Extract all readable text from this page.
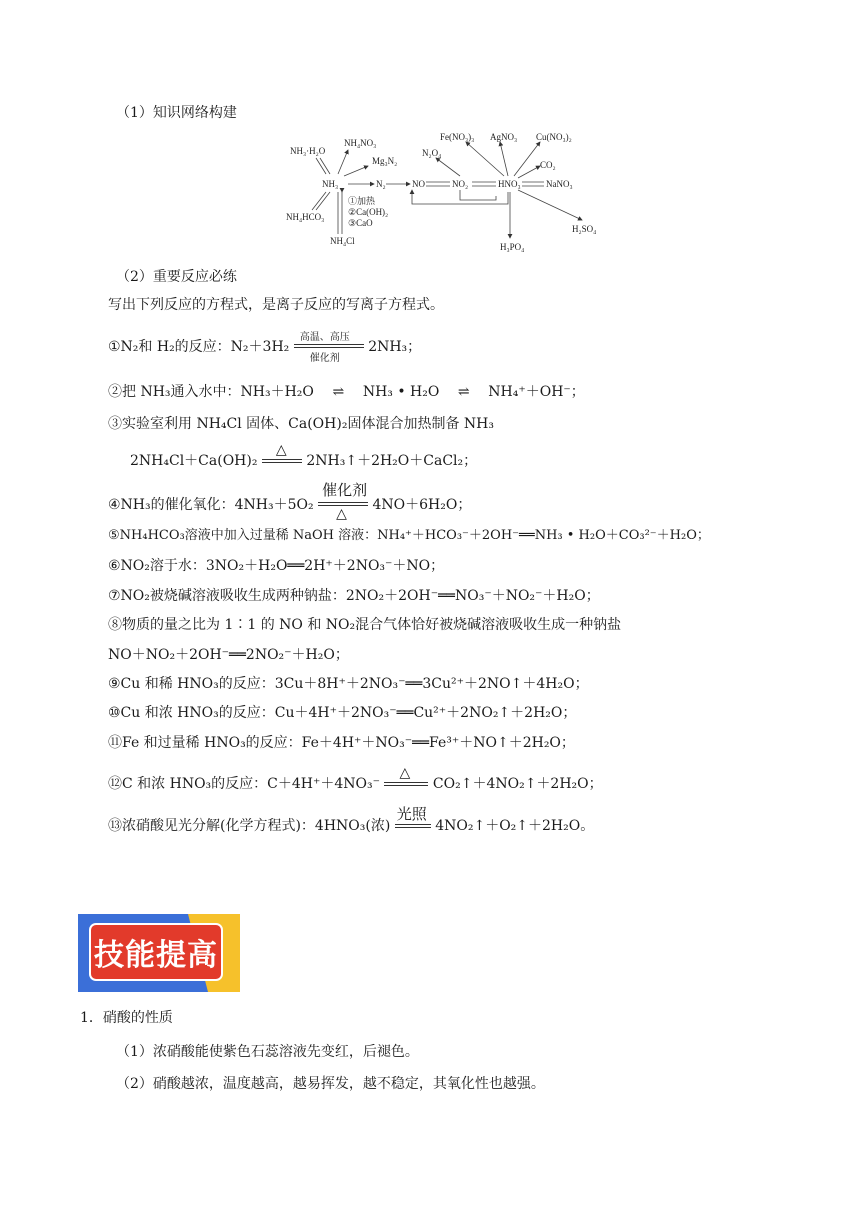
（1）知识网络构建
NH₃·H₂O
NH₄NO₃
Mg₃N₂
NH₃	N₂	NO	NO₂
N₂O₄
HNO₃
Fe(NO₃)₃ AgNO₃ Cu(NO₃)₂
CO₂
NaNO₃
H₂SO₄
H₃PO₄
NH₄HCO₃
NH₄Cl
①加热
②Ca(OH)₂
③CaO
（2）重要反应必练
写出下列反应的方程式，是离子反应的写离子方程式。
①N₂和 H₂的反应：N₂＋3H₂
高温、高压
催化剂
2NH₃；
②把 NH₃通入水中：NH₃＋H₂O ⇌ NH₃ • H₂O ⇌ NH₄⁺＋OH⁻；
③实验室利用 NH₄Cl 固体、Ca(OH)₂固体混合加热制备 NH₃
2NH₄Cl＋Ca(OH)₂
△
2NH₃↑＋2H₂O＋CaCl₂；
④NH₃的催化氧化：4NH₃＋5O₂
催化剂
△
4NO＋6H₂O；
⑤NH₄HCO₃溶液中加入过量稀 NaOH 溶液：NH₄⁺＋HCO₃⁻＋2OH⁻══NH₃ • H₂O＋CO₃²⁻＋H₂O；
⑥NO₂溶于水：3NO₂＋H₂O══2H⁺＋2NO₃⁻＋NO；
⑦NO₂被烧碱溶液吸收生成两种钠盐：2NO₂＋2OH⁻══NO₃⁻＋NO₂⁻＋H₂O；
⑧物质的量之比为 1∶1 的 NO 和 NO₂混合气体恰好被烧碱溶液吸收生成一种钠盐
NO＋NO₂＋2OH⁻══2NO₂⁻＋H₂O；
⑨Cu 和稀 HNO₃的反应：3Cu＋8H⁺＋2NO₃⁻══3Cu²⁺＋2NO↑＋4H₂O；
⑩Cu 和浓 HNO₃的反应：Cu＋4H⁺＋2NO₃⁻══Cu²⁺＋2NO₂↑＋2H₂O；
⑪Fe 和过量稀 HNO₃的反应：Fe＋4H⁺＋NO₃⁻══Fe³⁺＋NO↑＋2H₂O；
⑫C 和浓 HNO₃的反应：C＋4H⁺＋4NO₃⁻
△
CO₂↑＋4NO₂↑＋2H₂O；
⑬浓硝酸见光分解(化学方程式)：4HNO₃(浓)
光照
4NO₂↑＋O₂↑＋2H₂O。
技能提高
1．硝酸的性质
（1）浓硝酸能使紫色石蕊溶液先变红，后褪色。
（2）硝酸越浓，温度越高，越易挥发，越不稳定，其氧化性也越强。
